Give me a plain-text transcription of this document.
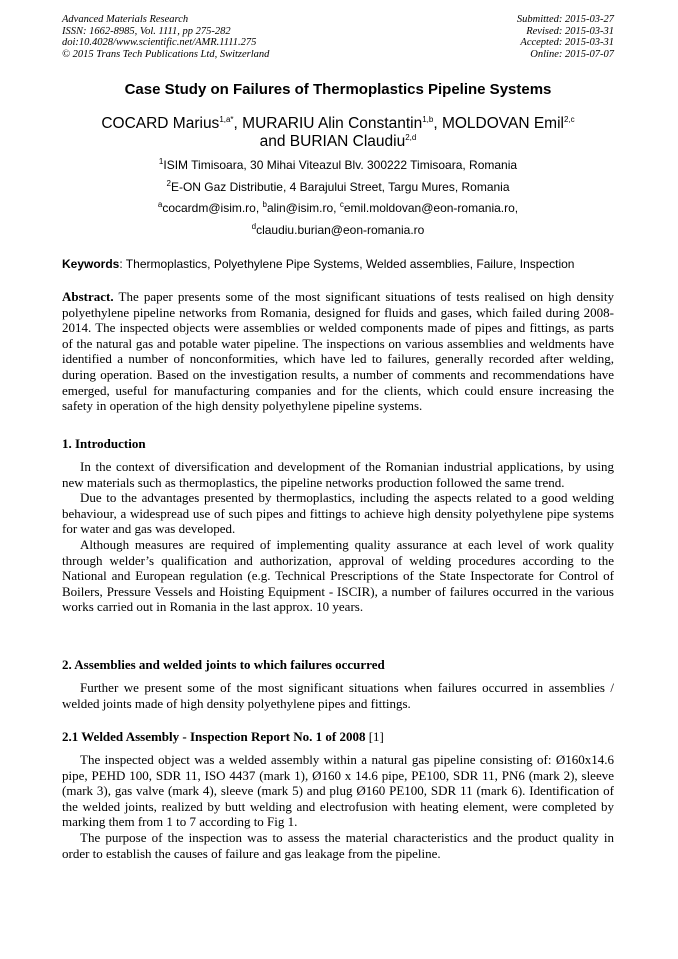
Advanced Materials Research
ISSN: 1662-8985, Vol. 1111, pp 275-282
doi:10.4028/www.scientific.net/AMR.1111.275
© 2015 Trans Tech Publications Ltd, Switzerland
Submitted: 2015-03-27
Revised: 2015-03-31
Accepted: 2015-03-31
Online: 2015-07-07
Case Study on Failures of Thermoplastics Pipeline Systems
COCARD Marius$^{1,a*}$, MURARIU Alin Constantin$^{1,b}$, MOLDOVAN Emil$^{2,c}$
and BURIAN Claudiu$^{2,d}$
$^1$ISIM Timisoara, 30 Mihai Viteazul Blv. 300222 Timisoara, Romania
$^2$E-ON Gaz Distributie, 4 Barajului Street, Targu Mures, Romania
$^a$cocardm@isim.ro, $^b$alin@isim.ro, $^c$emil.moldovan@eon-romania.ro,
$^d$claudiu.burian@eon-romania.ro
Keywords: Thermoplastics, Polyethylene Pipe Systems, Welded assemblies, Failure, Inspection

Abstract. The paper presents some of the most significant situations of tests realised on high density polyethylene pipeline networks from Romania, designed for fluids and gases, which failed during 2008-2014. The inspected objects were assemblies or welded components made of pipes and fittings, as parts of the natural gas and potable water pipeline. The inspections on various assemblies and weldments have identified a number of nonconformities, which have led to failures, generally recorded after welding, during operation. Based on the investigation results, a number of comments and recommendations have emerged, useful for manufacturing companies and for the clients, which could ensure increasing the safety in operation of the high density polyethylene pipeline systems.

1. Introduction

In the context of diversification and development of the Romanian industrial applications, by using new materials such as thermoplastics, the pipeline networks production followed the same trend.

Due to the advantages presented by thermoplastics, including the aspects related to a good welding behaviour, a widespread use of such pipes and fittings to achieve high density polyethylene pipe systems for water and gas was developed.

Although measures are required of implementing quality assurance at each level of work quality through welder’s qualification and authorization, approval of welding procedures according to the National and European regulation (e.g. Technical Prescriptions of the State Inspectorate for Control of Boilers, Pressure Vessels and Hoisting Equipment - ISCIR), a number of failures occurred in the various works carried out in Romania in the last approx. 10 years.

2. Assemblies and welded joints to which failures occurred

Further we present some of the most significant situations when failures occurred in assemblies / welded joints made of high density polyethylene pipes and fittings.

2.1 Welded Assembly - Inspection Report No. 1 of 2008 [1]

The inspected object was a welded assembly within a natural gas pipeline consisting of: Ø160x14.6 pipe, PEHD 100, SDR 11, ISO 4437 (mark 1), Ø160 x 14.6 pipe, PE100, SDR 11, PN6 (mark 2), sleeve (mark 3), gas valve (mark 4), sleeve (mark 5) and plug Ø160 PE100, SDR 11 (mark 6). Identification of the welded joints, realized by butt welding and electrofusion with heating element, were completed by marking them from 1 to 7 according to Fig 1.

The purpose of the inspection was to assess the material characteristics and the product quality in order to establish the causes of failure and gas leakage from the pipeline.
